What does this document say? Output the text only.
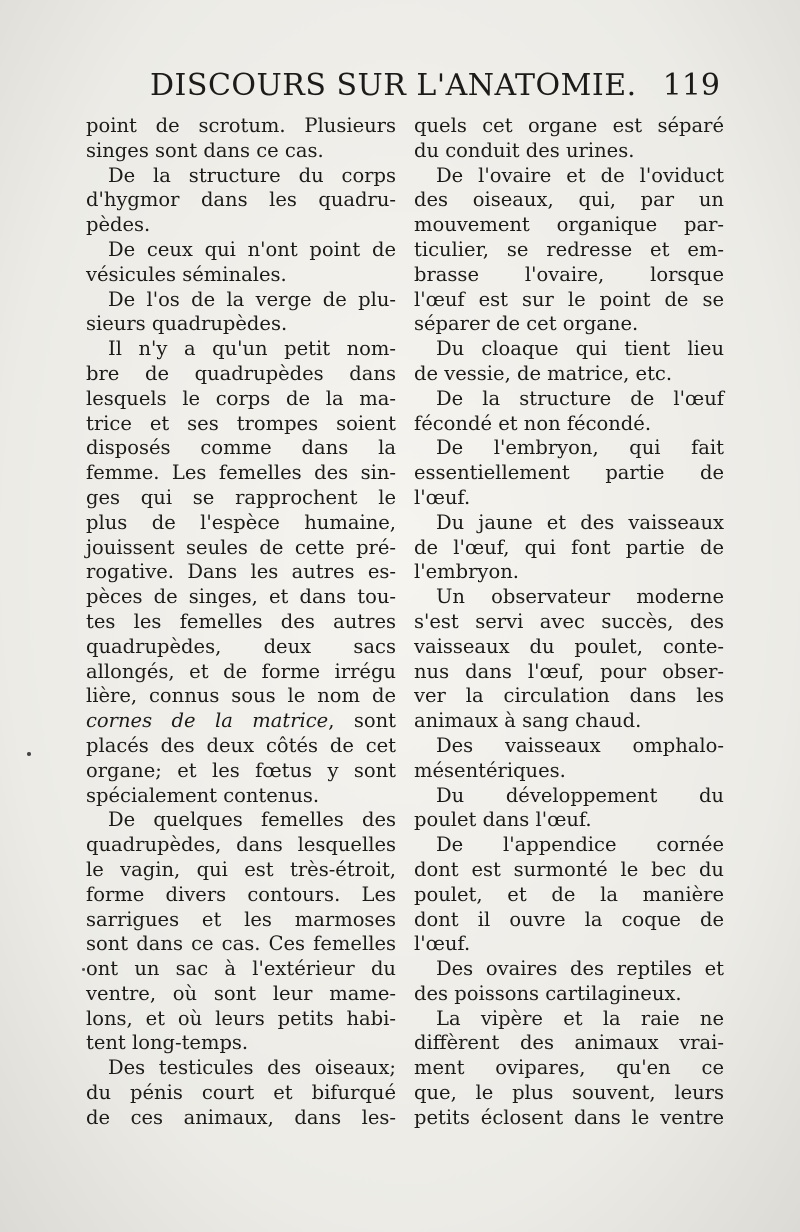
DISCOURS SUR L'ANATOMIE. 119
point de scrotum. Plusieurs
singes sont dans ce cas.
De la structure du corps
d'hygmor dans les quadru-
pèdes.
De ceux qui n'ont point de
vésicules séminales.
De l'os de la verge de plu-
sieurs quadrupèdes.
Il n'y a qu'un petit nom-
bre de quadrupèdes dans
lesquels le corps de la ma-
trice et ses trompes soient
disposés comme dans la
femme. Les femelles des sin-
ges qui se rapprochent le
plus de l'espèce humaine,
jouissent seules de cette pré-
rogative. Dans les autres es-
pèces de singes, et dans tou-
tes les femelles des autres
quadrupèdes, deux sacs
allongés, et de forme irrégu
lière, connus sous le nom de
cornes de la matrice, sont
placés des deux côtés de cet
organe; et les fœtus y sont
spécialement contenus.
De quelques femelles des
quadrupèdes, dans lesquelles
le vagin, qui est très-étroit,
forme divers contours. Les
sarrigues et les marmoses
sont dans ce cas. Ces femelles
ont un sac à l'extérieur du
ventre, où sont leur mame-
lons, et où leurs petits habi-
tent long-temps.
Des testicules des oiseaux;
du pénis court et bifurqué
de ces animaux, dans les-
quels cet organe est séparé
du conduit des urines.
De l'ovaire et de l'oviduct
des oiseaux, qui, par un
mouvement organique par-
ticulier, se redresse et em-
brasse l'ovaire, lorsque
l'œuf est sur le point de se
séparer de cet organe.
Du cloaque qui tient lieu
de vessie, de matrice, etc.
De la structure de l'œuf
fécondé et non fécondé.
De l'embryon, qui fait
essentiellement partie de
l'œuf.
Du jaune et des vaisseaux
de l'œuf, qui font partie de
l'embryon.
Un observateur moderne
s'est servi avec succès, des
vaisseaux du poulet, conte-
nus dans l'œuf, pour obser-
ver la circulation dans les
animaux à sang chaud.
Des vaisseaux omphalo-
mésentériques.
Du développement du
poulet dans l'œuf.
De l'appendice cornée
dont est surmonté le bec du
poulet, et de la manière
dont il ouvre la coque de
l'œuf.
Des ovaires des reptiles et
des poissons cartilagineux.
La vipère et la raie ne
diffèrent des animaux vrai-
ment ovipares, qu'en ce
que, le plus souvent, leurs
petits éclosent dans le ventre
